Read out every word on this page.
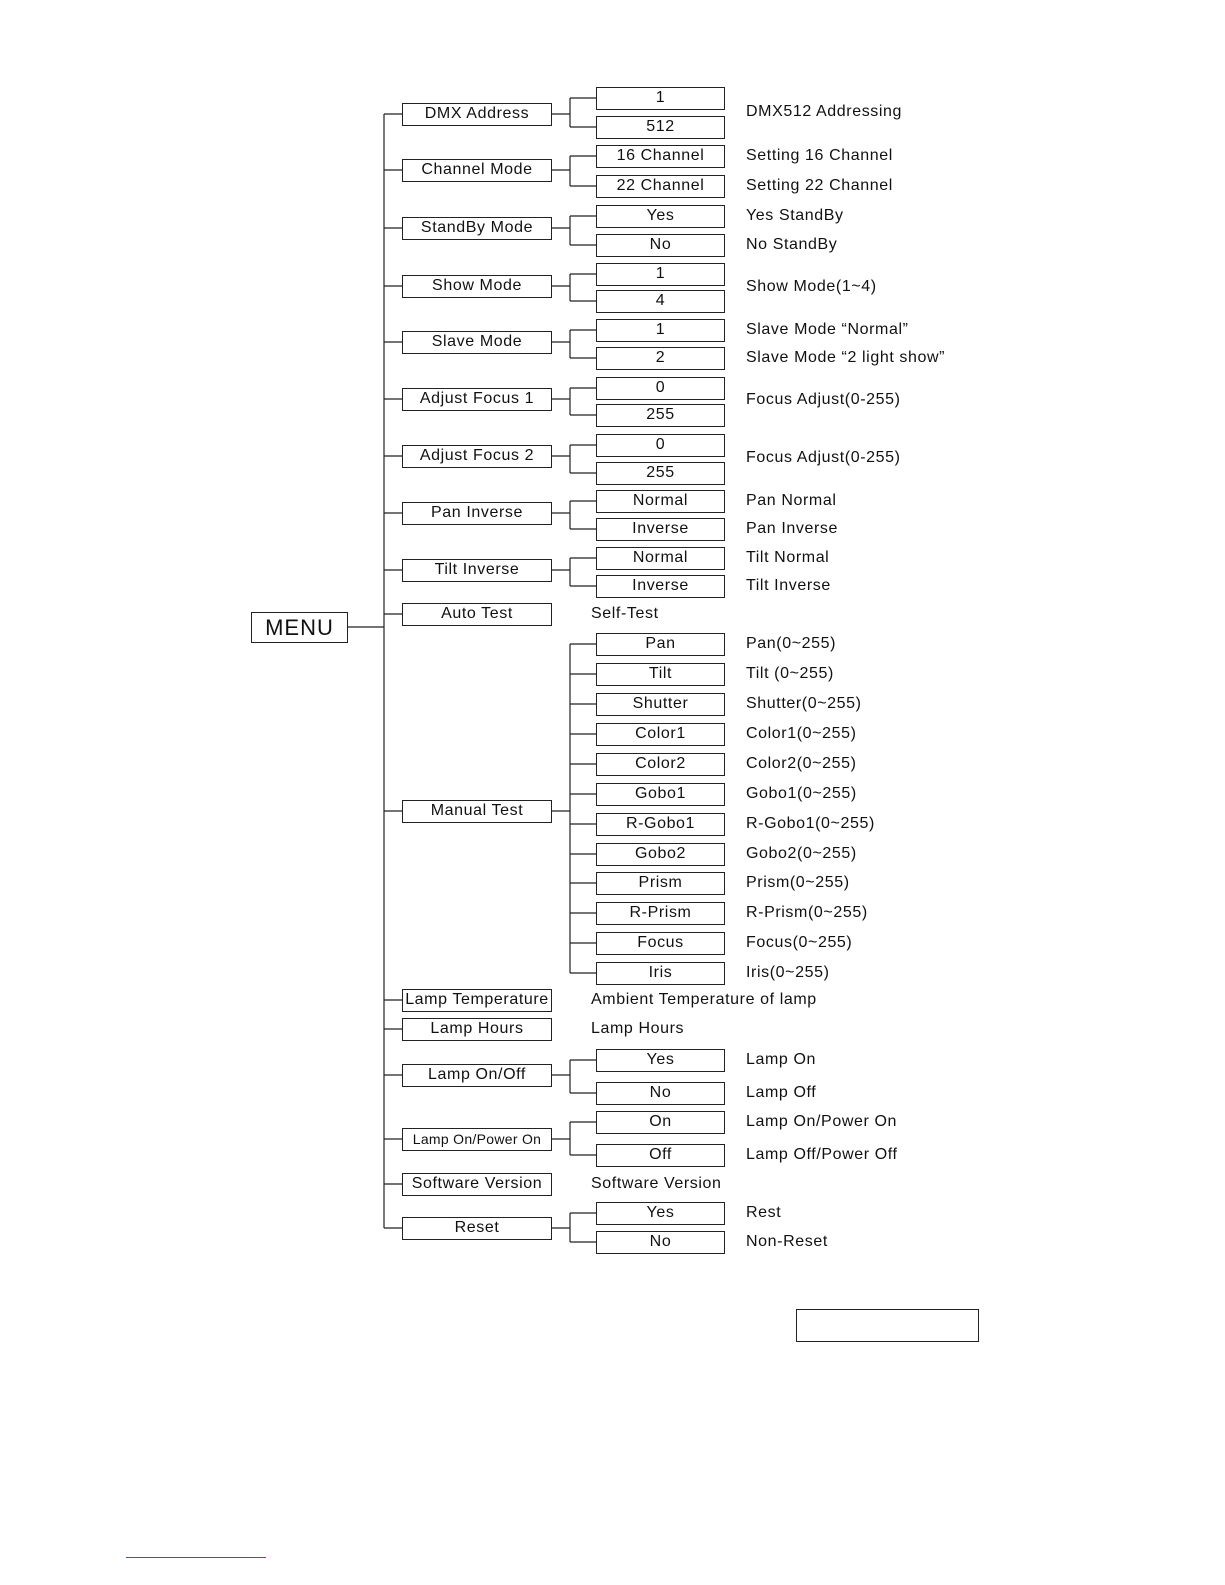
MENU
DMX Address
1
512
DMX512 Addressing
Channel Mode
16 Channel	Setting 16 Channel
22 Channel	Setting 22 Channel
StandBy Mode
Yes	Yes StandBy
No	No StandBy
Show Mode
1
4
Show Mode(1~4)
Slave Mode
1	Slave Mode “Normal”
2	Slave Mode “2 light show”
Adjust Focus 1
0
255
Focus Adjust(0-255)
Adjust Focus 2
0
255
Focus Adjust(0-255)
Pan Inverse
Normal	Pan Normal
Inverse	Pan Inverse
Tilt Inverse
Normal	Tilt Normal
Inverse	Tilt Inverse
Auto Test	Self-Test
Manual Test
Pan	Pan(0~255)
Tilt	Tilt (0~255)
Shutter	Shutter(0~255)
Color1	Color1(0~255)
Color2	Color2(0~255)
Gobo1	Gobo1(0~255)
R-Gobo1	R-Gobo1(0~255)
Gobo2	Gobo2(0~255)
Prism	Prism(0~255)
R-Prism	R-Prism(0~255)
Focus	Focus(0~255)
Iris	Iris(0~255)
Lamp Temperature	Ambient Temperature of lamp
Lamp Hours	Lamp Hours
Lamp On/Off
Yes	Lamp On
No	Lamp Off
Lamp On/Power On
On	Lamp On/Power On
Off	Lamp Off/Power Off
Software Version	Software Version
Reset
Yes	Rest
No	Non-Reset
